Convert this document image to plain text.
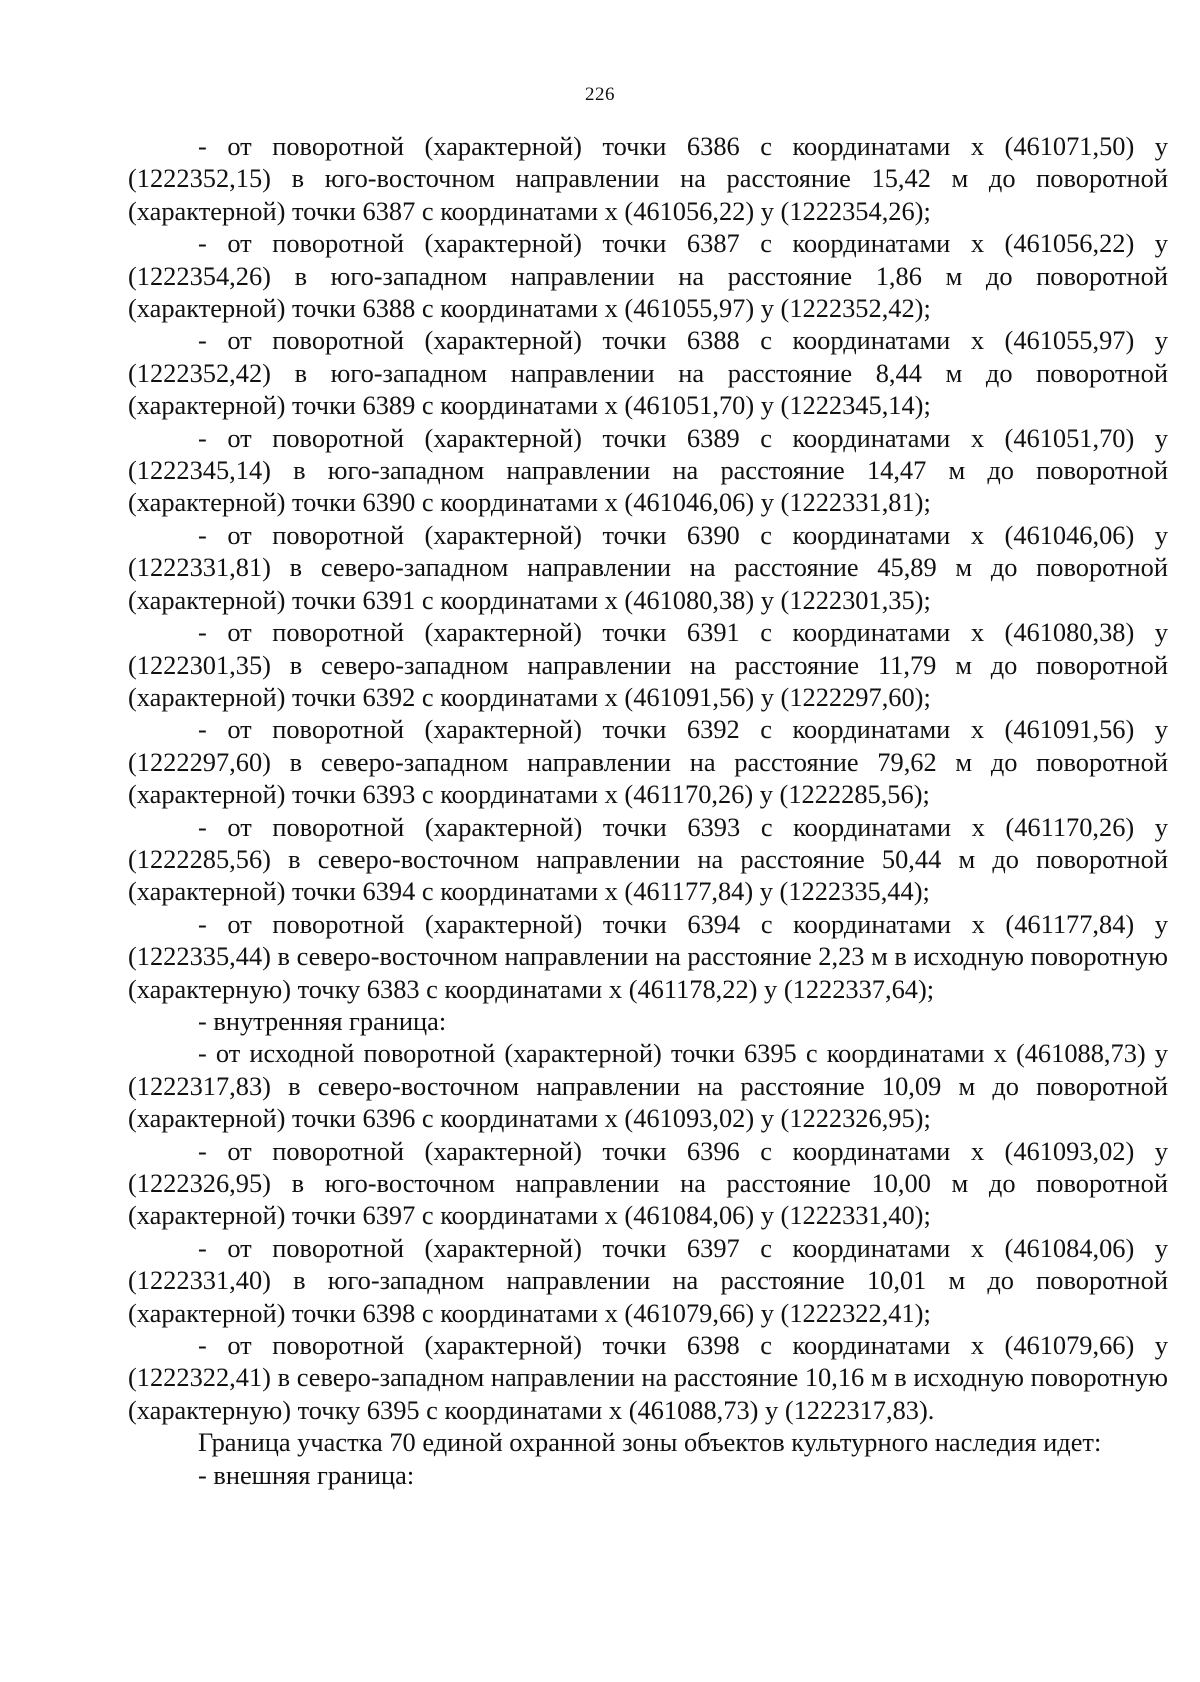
226

- от поворотной (характерной) точки 6386 с координатами x (461071,50) y (1222352,15) в юго-восточном направлении на расстояние 15,42 м до поворотной (характерной) точки 6387 с координатами x (461056,22) y (1222354,26);

- от поворотной (характерной) точки 6387 с координатами x (461056,22) y (1222354,26) в юго-западном направлении на расстояние 1,86 м до поворотной (характерной) точки 6388 с координатами x (461055,97) y (1222352,42);

- от поворотной (характерной) точки 6388 с координатами x (461055,97) y (1222352,42) в юго-западном направлении на расстояние 8,44 м до поворотной (характерной) точки 6389 с координатами x (461051,70) y (1222345,14);

- от поворотной (характерной) точки 6389 с координатами x (461051,70) y (1222345,14) в юго-западном направлении на расстояние 14,47 м до поворотной (характерной) точки 6390 с координатами x (461046,06) y (1222331,81);

- от поворотной (характерной) точки 6390 с координатами x (461046,06) y (1222331,81) в северо-западном направлении на расстояние 45,89 м до поворотной (характерной) точки 6391 с координатами x (461080,38) y (1222301,35);

- от поворотной (характерной) точки 6391 с координатами x (461080,38) y (1222301,35) в северо-западном направлении на расстояние 11,79 м до поворотной (характерной) точки 6392 с координатами x (461091,56) y (1222297,60);

- от поворотной (характерной) точки 6392 с координатами x (461091,56) y (1222297,60) в северо-западном направлении на расстояние 79,62 м до поворотной (характерной) точки 6393 с координатами x (461170,26) y (1222285,56);

- от поворотной (характерной) точки 6393 с координатами x (461170,26) y (1222285,56) в северо-восточном направлении на расстояние 50,44 м до поворотной (характерной) точки 6394 с координатами x (461177,84) y (1222335,44);

- от поворотной (характерной) точки 6394 с координатами x (461177,84) y (1222335,44) в северо-восточном направлении на расстояние 2,23 м в исходную поворотную (характерную) точку 6383 с координатами x (461178,22) y (1222337,64);

- внутренняя граница:

- от исходной поворотной (характерной) точки 6395 с координатами x (461088,73) y (1222317,83) в северо-восточном направлении на расстояние 10,09 м до поворотной (характерной) точки 6396 с координатами x (461093,02) y (1222326,95);

- от поворотной (характерной) точки 6396 с координатами x (461093,02) y (1222326,95) в юго-восточном направлении на расстояние 10,00 м до поворотной (характерной) точки 6397 с координатами x (461084,06) y (1222331,40);

- от поворотной (характерной) точки 6397 с координатами x (461084,06) y (1222331,40) в юго-западном направлении на расстояние 10,01 м до поворотной (характерной) точки 6398 с координатами x (461079,66) y (1222322,41);

- от поворотной (характерной) точки 6398 с координатами x (461079,66) y (1222322,41) в северо-западном направлении на расстояние 10,16 м в исходную поворотную (характерную) точку 6395 с координатами x (461088,73) y (1222317,83).

Граница участка 70 единой охранной зоны объектов культурного наследия идет:

- внешняя граница:
